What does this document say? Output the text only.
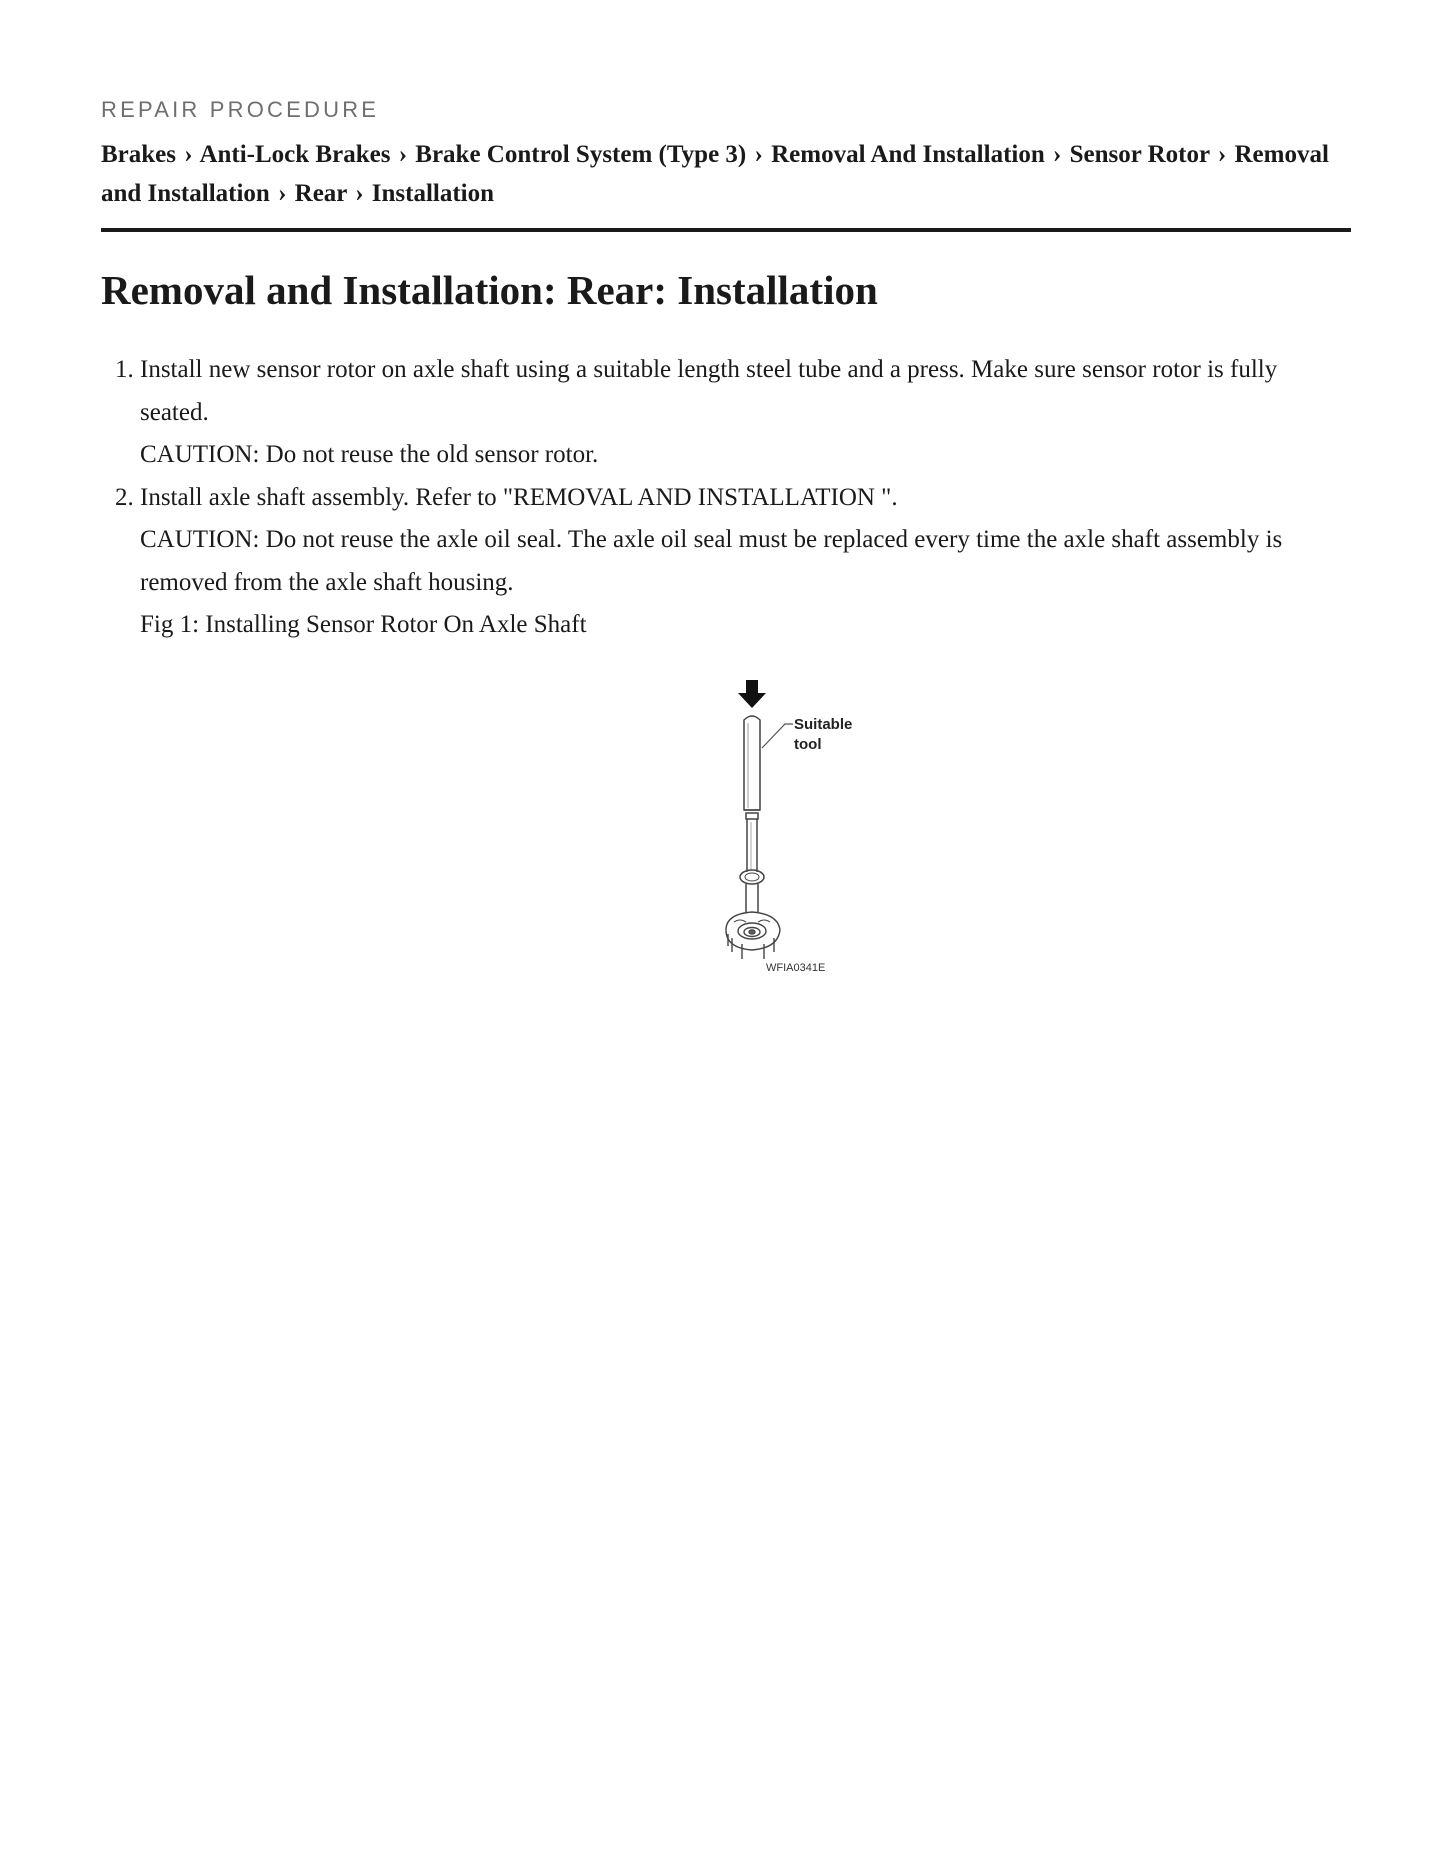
REPAIR PROCEDURE
Brakes › Anti-Lock Brakes › Brake Control System (Type 3) › Removal And Installation › Sensor Rotor › Removal and Installation › Rear › Installation
Removal and Installation: Rear: Installation
1. Install new sensor rotor on axle shaft using a suitable length steel tube and a press. Make sure sensor rotor is fully seated.
CAUTION: Do not reuse the old sensor rotor.
2. Install axle shaft assembly. Refer to "REMOVAL AND INSTALLATION ".
CAUTION: Do not reuse the axle oil seal. The axle oil seal must be replaced every time the axle shaft assembly is removed from the axle shaft housing.
Fig 1: Installing Sensor Rotor On Axle Shaft
Suitable
tool
WFIA0341E
